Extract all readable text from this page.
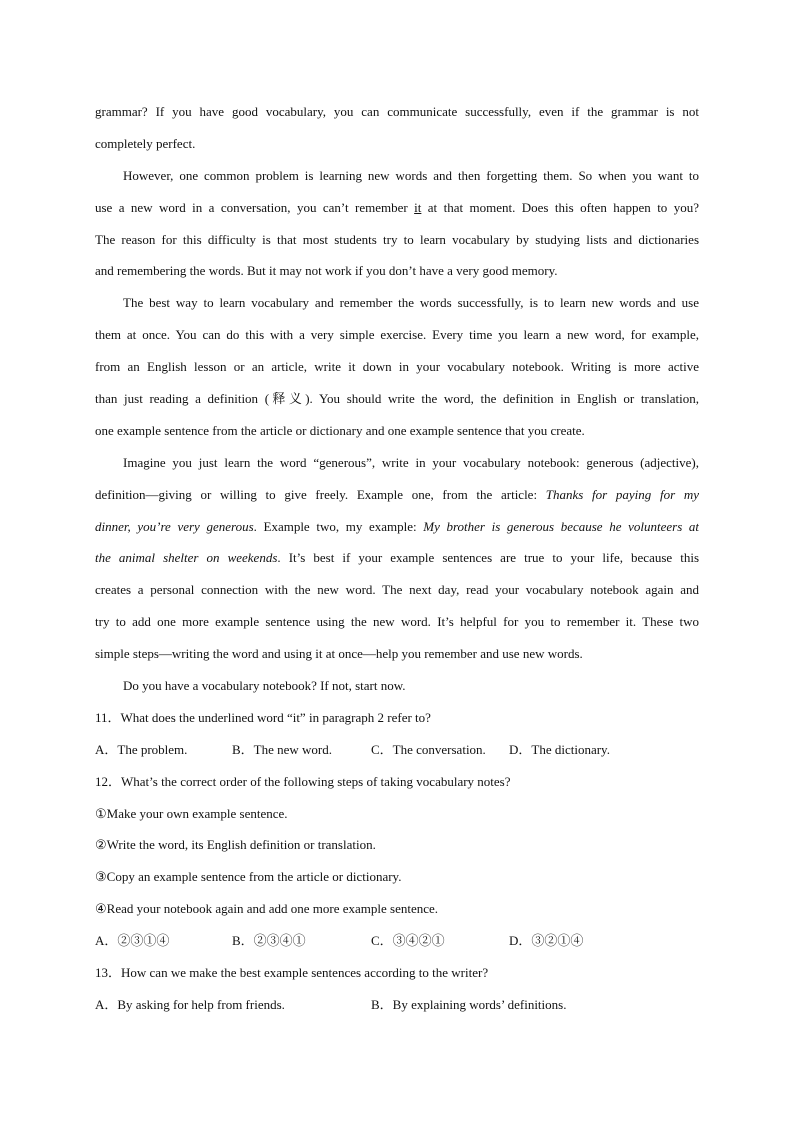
grammar? If you have good vocabulary, you can communicate successfully, even if the grammar is not
completely perfect.
However, one common problem is learning new words and then forgetting them. So when you want to
use a new word in a conversation, you can’t remember it at that moment. Does this often happen to you?
The reason for this difficulty is that most students try to learn vocabulary by studying lists and dictionaries
and remembering the words. But it may not work if you don’t have a very good memory.
The best way to learn vocabulary and remember the words successfully, is to learn new words and use
them at once. You can do this with a very simple exercise. Every time you learn a new word, for example,
from an English lesson or an article, write it down in your vocabulary notebook. Writing is more active
than just reading a definition (释义). You should write the word, the definition in English or translation,
one example sentence from the article or dictionary and one example sentence that you create.
Imagine you just learn the word “generous”, write in your vocabulary notebook: generous (adjective),
definition—giving or willing to give freely. Example one, from the article: Thanks for paying for my
dinner, you’re very generous. Example two, my example: My brother is generous because he volunteers at
the animal shelter on weekends. It’s best if your example sentences are true to your life, because this
creates a personal connection with the new word. The next day, read your vocabulary notebook again and
try to add one more example sentence using the new word. It’s helpful for you to remember it. These two
simple steps—writing the word and using it at once—help you remember and use new words.
Do you have a vocabulary notebook? If not, start now.
11．What does the underlined word “it” in paragraph 2 refer to?
A．The problem.	B．The new word.	C．The conversation.	D．The dictionary.
12．What’s the correct order of the following steps of taking vocabulary notes?
①Make your own example sentence.
②Write the word, its English definition or translation.
③Copy an example sentence from the article or dictionary.
④Read your notebook again and add one more example sentence.
A．②③①④	B．②③④①	C．③④②①	D．③②①④
13．How can we make the best example sentences according to the writer?
A．By asking for help from friends.	B．By explaining words’ definitions.
